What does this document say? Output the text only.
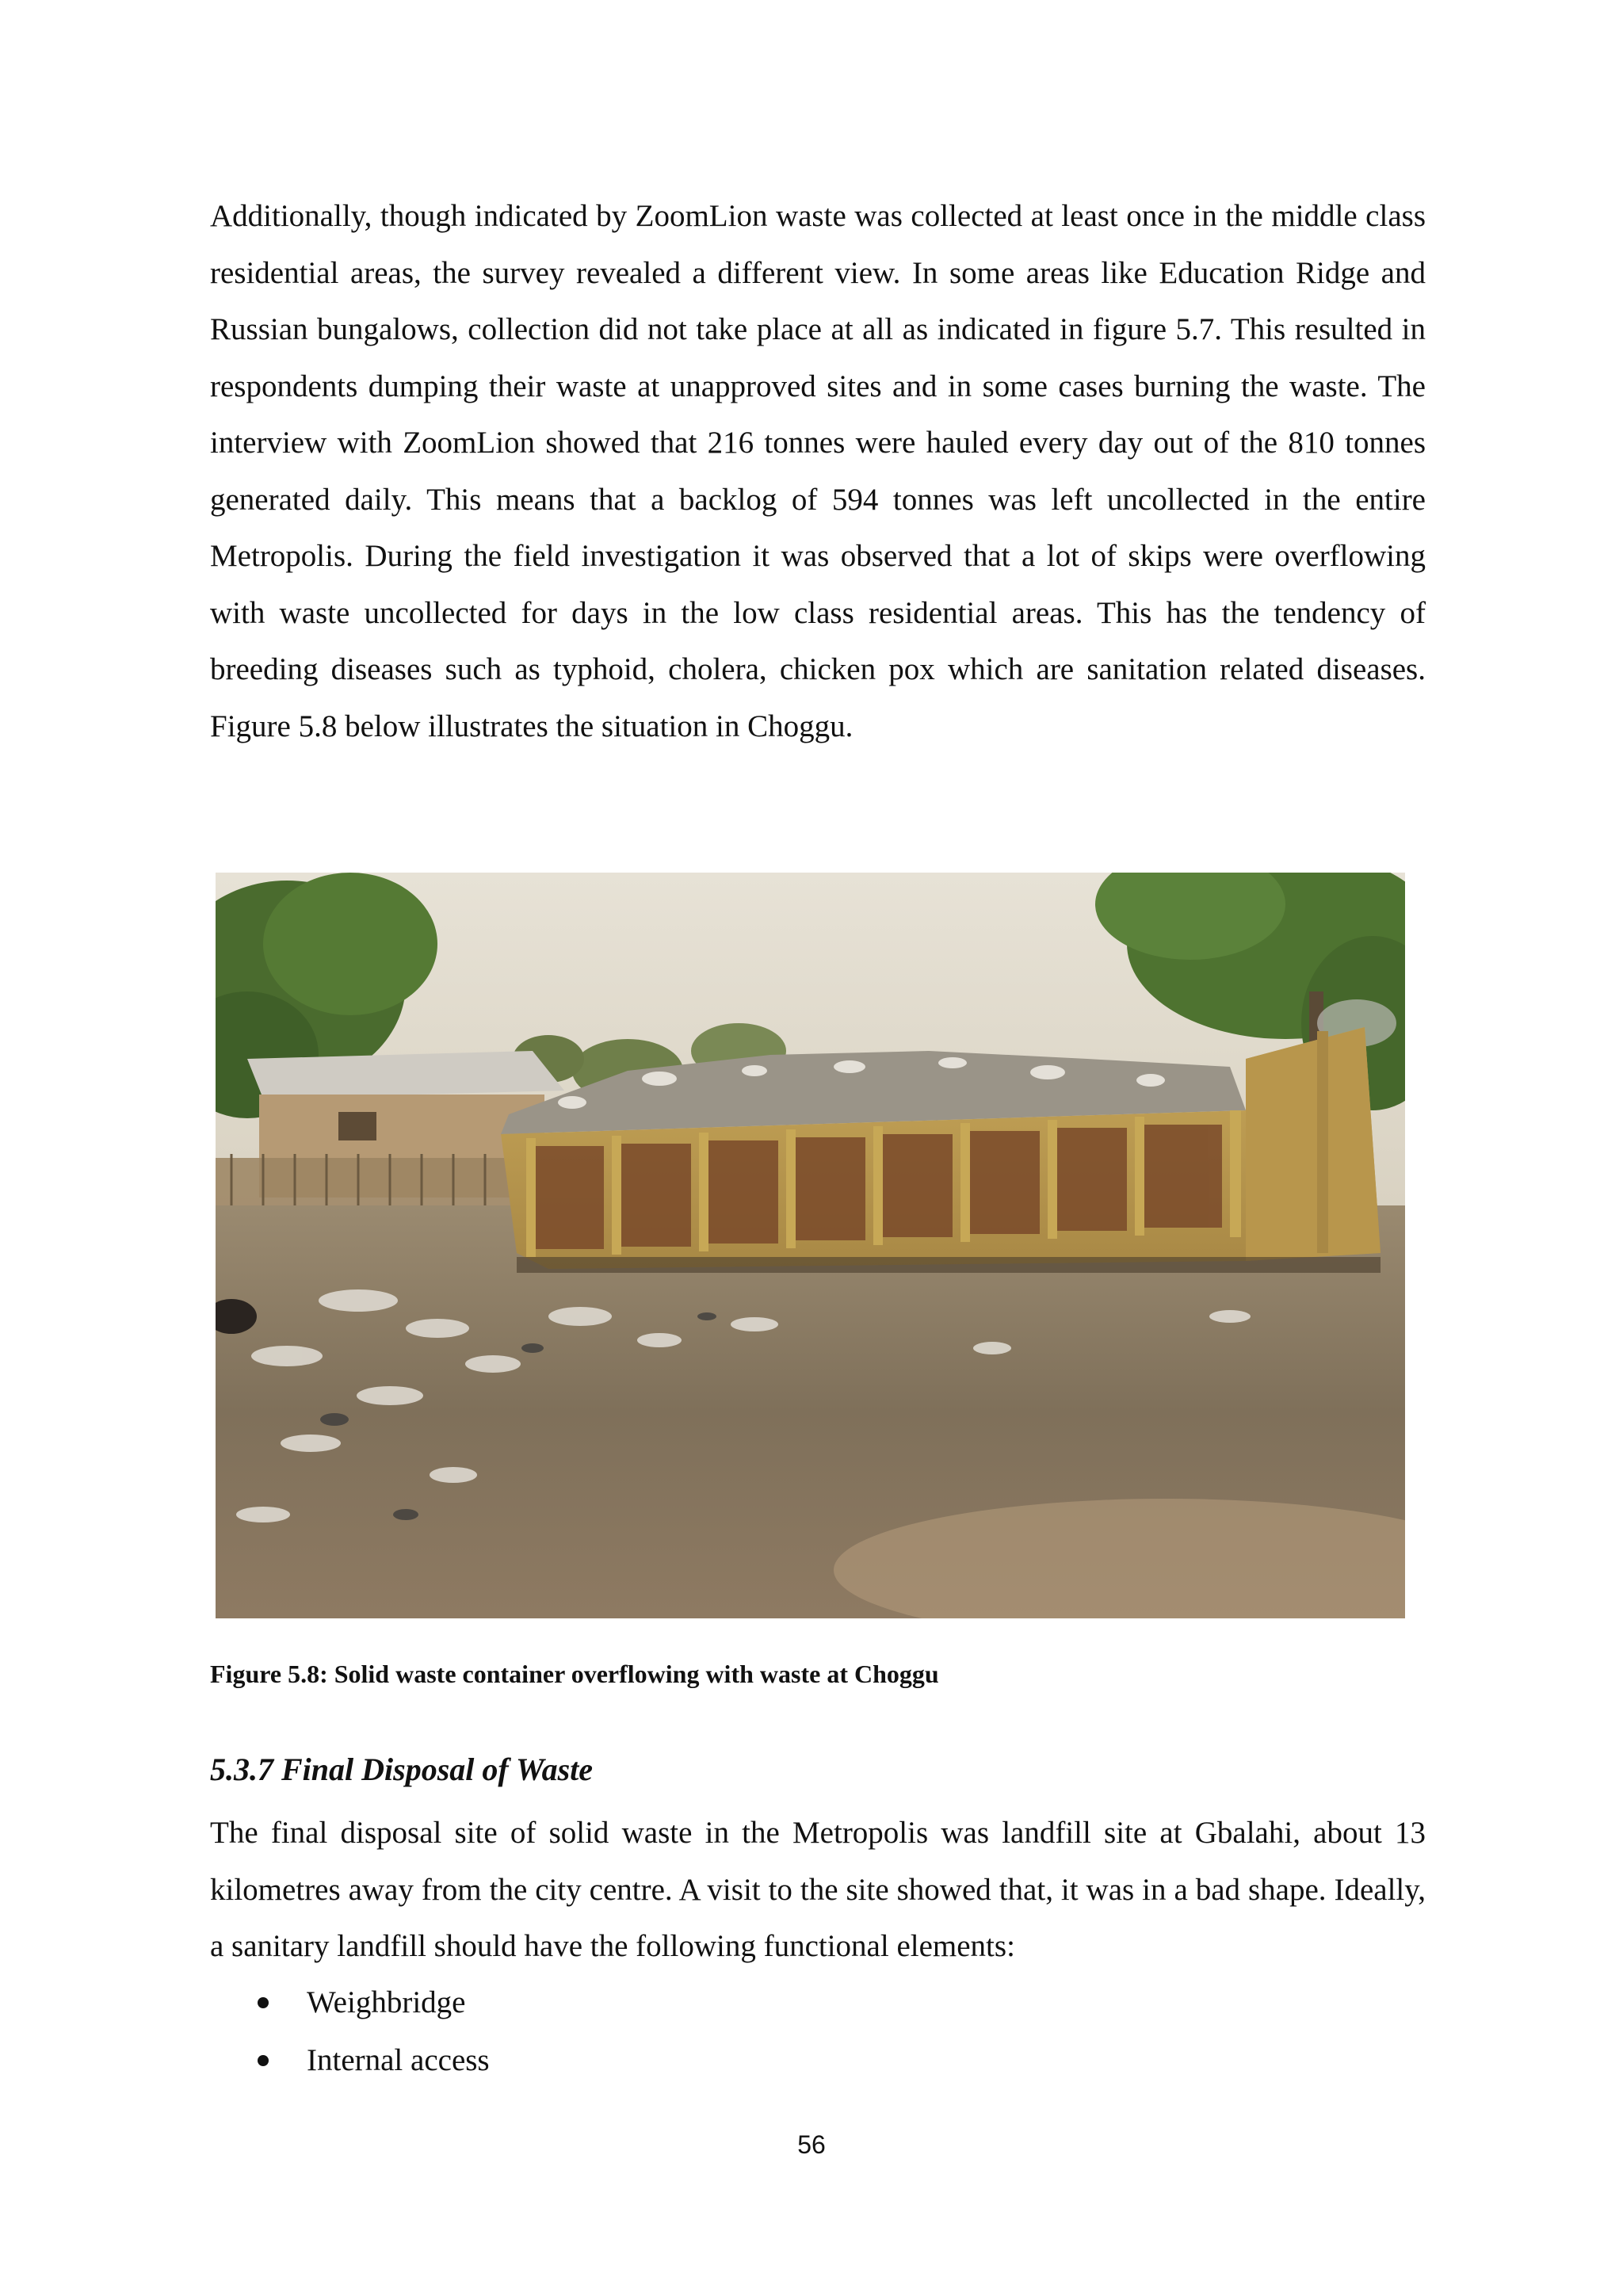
Additionally, though indicated by ZoomLion waste was collected at least once in the middle class residential areas, the survey revealed a different view. In some areas like Education Ridge and Russian bungalows, collection did not take place at all as indicated in figure 5.7. This resulted in respondents dumping their waste at unapproved sites and in some cases burning the waste. The interview with ZoomLion showed that 216 tonnes were hauled every day out of the 810 tonnes generated daily. This means that a backlog of 594 tonnes was left uncollected in the entire Metropolis. During the field investigation it was observed that a lot of skips were overflowing with waste uncollected for days in the low class residential areas. This has the tendency of breeding diseases such as typhoid, cholera, chicken pox which are sanitation related diseases. Figure 5.8 below illustrates the situation in Choggu.

Figure 5.8: Solid waste container overflowing with waste at Choggu

5.3.7 Final Disposal of Waste

The final disposal site of solid waste in the Metropolis was landfill site at Gbalahi, about 13 kilometres away from the city centre. A visit to the site showed that, it was in a bad shape. Ideally, a sanitary landfill should have the following functional elements:

Weighbridge
Internal access

56
